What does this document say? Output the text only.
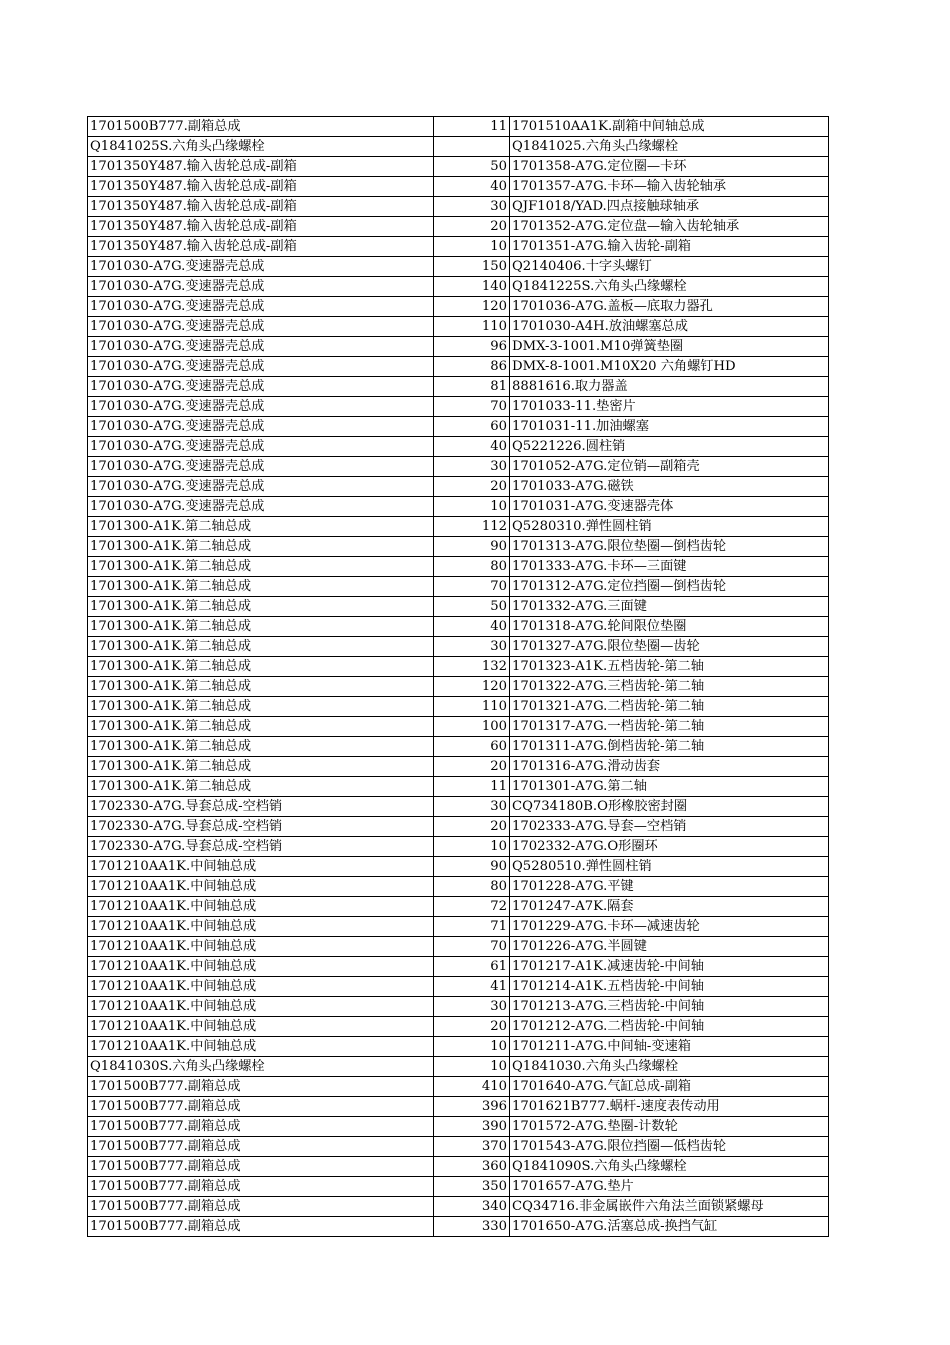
1701500B777.副箱总成	11	1701510AA1K.副箱中间轴总成
Q1841025S.六角头凸缘螺栓		Q1841025.六角头凸缘螺栓
1701350Y487.输入齿轮总成-副箱	50	1701358-A7G.定位圈—卡环
1701350Y487.输入齿轮总成-副箱	40	1701357-A7G.卡环—输入齿轮轴承
1701350Y487.输入齿轮总成-副箱	30	QJF1018/YAD.四点接触球轴承
1701350Y487.输入齿轮总成-副箱	20	1701352-A7G.定位盘—输入齿轮轴承
1701350Y487.输入齿轮总成-副箱	10	1701351-A7G.输入齿轮-副箱
1701030-A7G.变速器壳总成	150	Q2140406.十字头螺钉
1701030-A7G.变速器壳总成	140	Q1841225S.六角头凸缘螺栓
1701030-A7G.变速器壳总成	120	1701036-A7G.盖板—底取力器孔
1701030-A7G.变速器壳总成	110	1701030-A4H.放油螺塞总成
1701030-A7G.变速器壳总成	96	DMX-3-1001.M10弹簧垫圈
1701030-A7G.变速器壳总成	86	DMX-8-1001.M10X20 六角螺钉HD
1701030-A7G.变速器壳总成	81	8881616.取力器盖
1701030-A7G.变速器壳总成	70	1701033-11.垫密片
1701030-A7G.变速器壳总成	60	1701031-11.加油螺塞
1701030-A7G.变速器壳总成	40	Q5221226.圆柱销
1701030-A7G.变速器壳总成	30	1701052-A7G.定位销—副箱壳
1701030-A7G.变速器壳总成	20	1701033-A7G.磁铁
1701030-A7G.变速器壳总成	10	1701031-A7G.变速器壳体
1701300-A1K.第二轴总成	112	Q5280310.弹性圆柱销
1701300-A1K.第二轴总成	90	1701313-A7G.限位垫圈—倒档齿轮
1701300-A1K.第二轴总成	80	1701333-A7G.卡环—三面键
1701300-A1K.第二轴总成	70	1701312-A7G.定位挡圈—倒档齿轮
1701300-A1K.第二轴总成	50	1701332-A7G.三面键
1701300-A1K.第二轴总成	40	1701318-A7G.轮间限位垫圈
1701300-A1K.第二轴总成	30	1701327-A7G.限位垫圈—齿轮
1701300-A1K.第二轴总成	132	1701323-A1K.五档齿轮-第二轴
1701300-A1K.第二轴总成	120	1701322-A7G.三档齿轮-第二轴
1701300-A1K.第二轴总成	110	1701321-A7G.二档齿轮-第二轴
1701300-A1K.第二轴总成	100	1701317-A7G.一档齿轮-第二轴
1701300-A1K.第二轴总成	60	1701311-A7G.倒档齿轮-第二轴
1701300-A1K.第二轴总成	20	1701316-A7G.滑动齿套
1701300-A1K.第二轴总成	11	1701301-A7G.第二轴
1702330-A7G.导套总成-空档销	30	CQ734180B.O形橡胶密封圈
1702330-A7G.导套总成-空档销	20	1702333-A7G.导套—空档销
1702330-A7G.导套总成-空档销	10	1702332-A7G.O形圈环
1701210AA1K.中间轴总成	90	Q5280510.弹性圆柱销
1701210AA1K.中间轴总成	80	1701228-A7G.平键
1701210AA1K.中间轴总成	72	1701247-A7K.隔套
1701210AA1K.中间轴总成	71	1701229-A7G.卡环—减速齿轮
1701210AA1K.中间轴总成	70	1701226-A7G.半圆键
1701210AA1K.中间轴总成	61	1701217-A1K.减速齿轮-中间轴
1701210AA1K.中间轴总成	41	1701214-A1K.五档齿轮-中间轴
1701210AA1K.中间轴总成	30	1701213-A7G.三档齿轮-中间轴
1701210AA1K.中间轴总成	20	1701212-A7G.二档齿轮-中间轴
1701210AA1K.中间轴总成	10	1701211-A7G.中间轴-变速箱
Q1841030S.六角头凸缘螺栓	10	Q1841030.六角头凸缘螺栓
1701500B777.副箱总成	410	1701640-A7G.气缸总成-副箱
1701500B777.副箱总成	396	1701621B777.蜗杆-速度表传动用
1701500B777.副箱总成	390	1701572-A7G.垫圈-计数轮
1701500B777.副箱总成	370	1701543-A7G.限位挡圈—低档齿轮
1701500B777.副箱总成	360	Q1841090S.六角头凸缘螺栓
1701500B777.副箱总成	350	1701657-A7G.垫片
1701500B777.副箱总成	340	CQ34716.非金属嵌件六角法兰面锁紧螺母
1701500B777.副箱总成	330	1701650-A7G.活塞总成-换挡气缸
